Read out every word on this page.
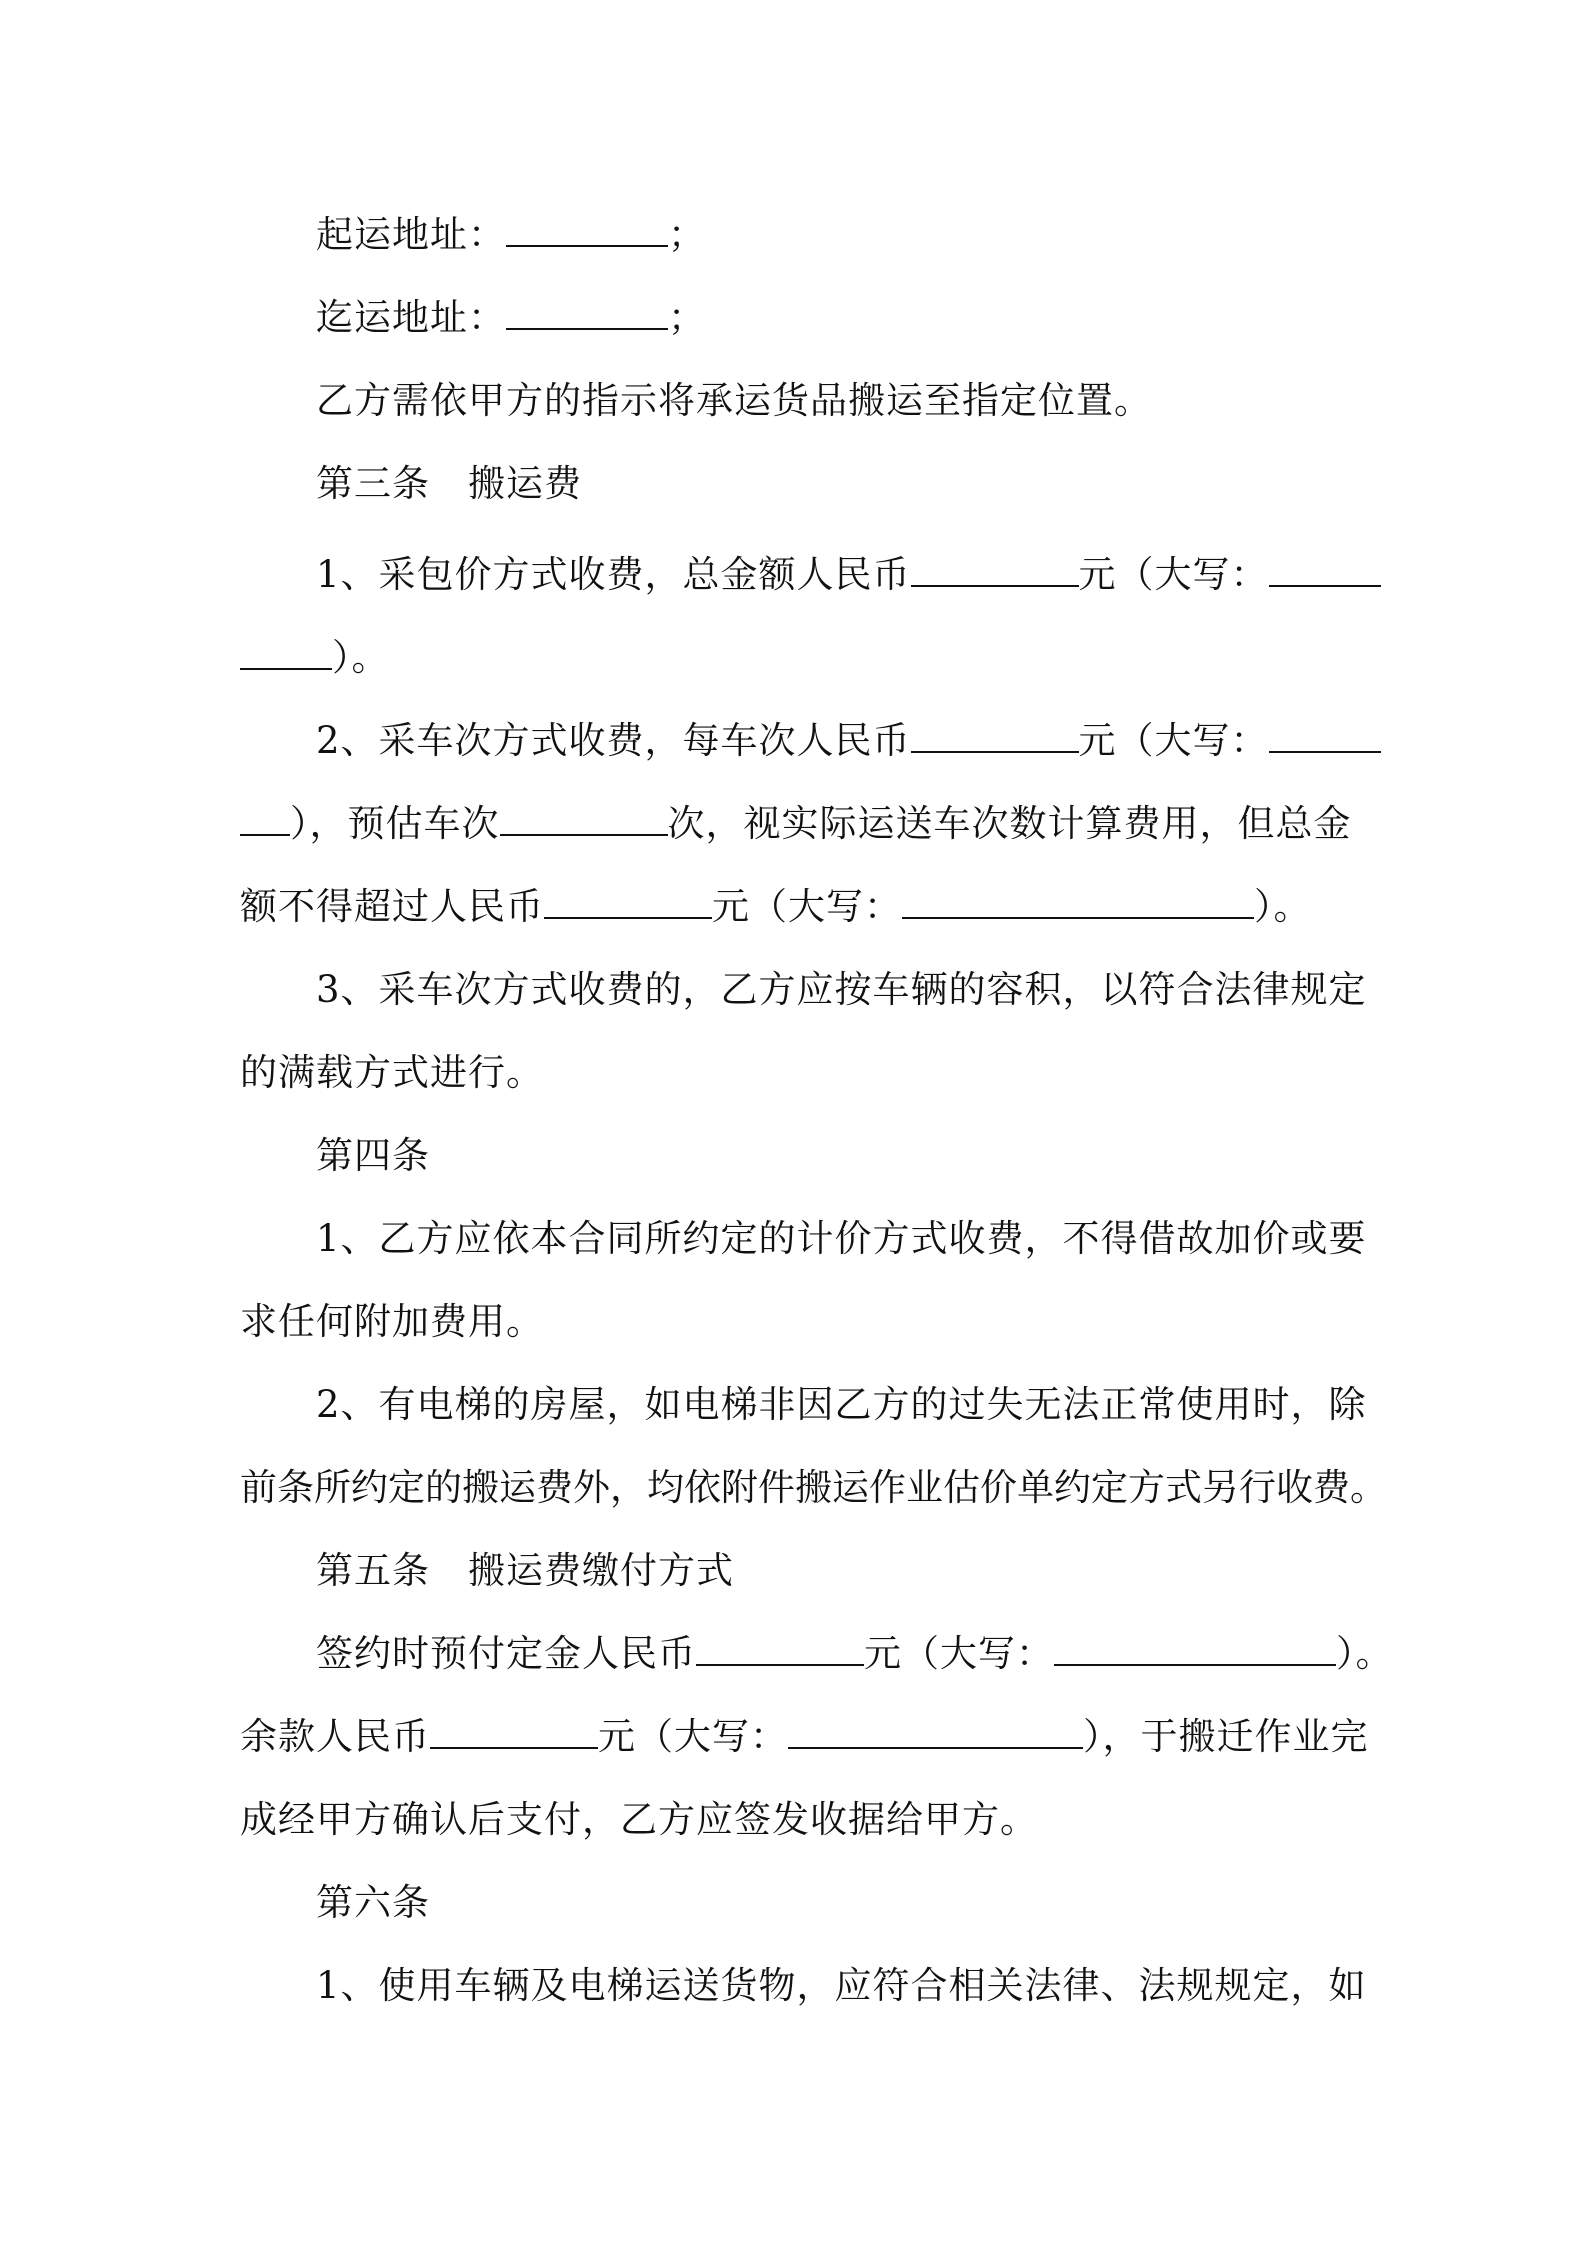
起运地址：	；
迄运地址：	；
乙方需依甲方的指示将承运货品搬运至指定位置。
第三条　搬运费
1、采包价方式收费，总金额人民币	元（大写：
）。
2、采车次方式收费，每车次人民币	元（大写：
），预估车次	次，视实际运送车次数计算费用，但总金
额不得超过人民币	元（大写：	）。
3、采车次方式收费的，乙方应按车辆的容积，以符合法律规定
的满载方式进行。
第四条
1、乙方应依本合同所约定的计价方式收费，不得借故加价或要
求任何附加费用。
2、有电梯的房屋，如电梯非因乙方的过失无法正常使用时，除
前条所约定的搬运费外，均依附件搬运作业估价单约定方式另行收费。
第五条　搬运费缴付方式
签约时预付定金人民币	元（大写：	）。
余款人民币	元（大写：	），于搬迁作业完
成经甲方确认后支付，乙方应签发收据给甲方。
第六条
1、使用车辆及电梯运送货物，应符合相关法律、法规规定，如
